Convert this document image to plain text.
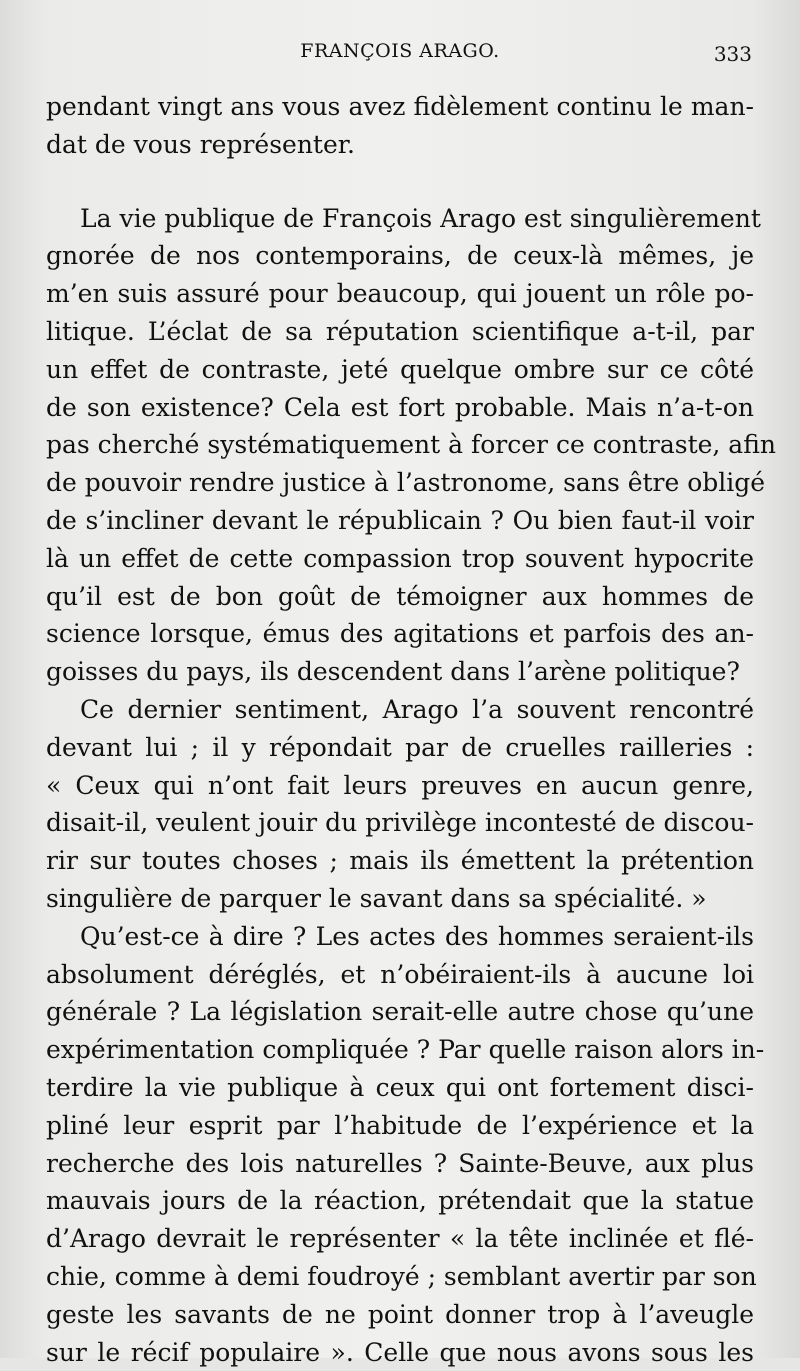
FRANÇOIS ARAGO.	333
pendant vingt ans vous avez fidèlement continu le man-
dat de vous représenter.
La vie publique de François Arago est singulièrement
gnorée de nos contemporains, de ceux-là mêmes, je
m’en suis assuré pour beaucoup, qui jouent un rôle po-
litique. L’éclat de sa réputation scientifique a-t-il, par
un effet de contraste, jeté quelque ombre sur ce côté
de son existence? Cela est fort probable. Mais n’a-t-on
pas cherché systématiquement à forcer ce contraste, afin
de pouvoir rendre justice à l’astronome, sans être obligé
de s’incliner devant le républicain ? Ou bien faut-il voir
là un effet de cette compassion trop souvent hypocrite
qu’il est de bon goût de témoigner aux hommes de
science lorsque, émus des agitations et parfois des an-
goisses du pays, ils descendent dans l’arène politique?
Ce dernier sentiment, Arago l’a souvent rencontré
devant lui ; il y répondait par de cruelles railleries :
« Ceux qui n’ont fait leurs preuves en aucun genre,
disait-il, veulent jouir du privilège incontesté de discou-
rir sur toutes choses ; mais ils émettent la prétention
singulière de parquer le savant dans sa spécialité. »
Qu’est-ce à dire ? Les actes des hommes seraient-ils
absolument déréglés, et n’obéiraient-ils à aucune loi
générale ? La législation serait-elle autre chose qu’une
expérimentation compliquée ? Par quelle raison alors in-
terdire la vie publique à ceux qui ont fortement disci-
pliné leur esprit par l’habitude de l’expérience et la
recherche des lois naturelles ? Sainte-Beuve, aux plus
mauvais jours de la réaction, prétendait que la statue
d’Arago devrait le représenter « la tête inclinée et flé-
chie, comme à demi foudroyé ; semblant avertir par son
geste les savants de ne point donner trop à l’aveugle
sur le récif populaire ». Celle que nous avons sous les
